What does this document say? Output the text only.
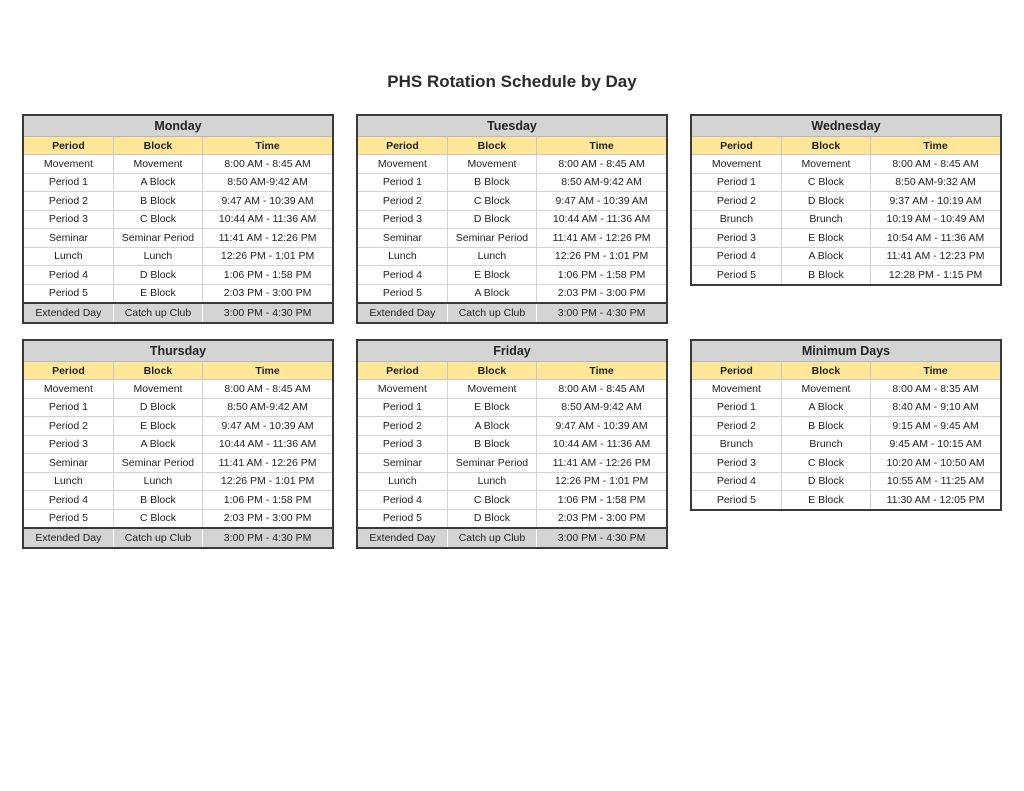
PHS Rotation Schedule by Day
Monday		
Period	Block	Time
Movement	Movement	8:00 AM - 8:45 AM
Period 1	A Block	8:50 AM-9:42 AM
Period 2	B Block	9:47 AM - 10:39 AM
Period 3	C Block	10:44 AM - 11:36 AM
Seminar	Seminar Period	11:41 AM - 12:26 PM
Lunch	Lunch	12:26 PM - 1:01 PM
Period 4	D Block	1:06 PM - 1:58 PM
Period 5	E Block	2:03 PM - 3:00 PM
Extended Day	Catch up Club	3:00 PM - 4:30 PM
Tuesday		
Period	Block	Time
Movement	Movement	8:00 AM - 8:45 AM
Period 1	B Block	8:50 AM-9:42 AM
Period 2	C Block	9:47 AM - 10:39 AM
Period 3	D Block	10:44 AM - 11:36 AM
Seminar	Seminar Period	11:41 AM - 12:26 PM
Lunch	Lunch	12:26 PM - 1:01 PM
Period 4	E Block	1:06 PM - 1:58 PM
Period 5	A Block	2:03 PM - 3:00 PM
Extended Day	Catch up Club	3:00 PM - 4:30 PM
Wednesday		
Period	Block	Time
Movement	Movement	8:00 AM - 8:45 AM
Period 1	C Block	8:50 AM-9:32 AM
Period 2	D Block	9:37 AM - 10:19 AM
Brunch	Brunch	10:19 AM - 10:49 AM
Period 3	E Block	10:54 AM - 11:36 AM
Period 4	A Block	11:41 AM - 12:23 PM
Period 5	B Block	12:28 PM - 1:15 PM
Thursday		
Period	Block	Time
Movement	Movement	8:00 AM - 8:45 AM
Period 1	D Block	8:50 AM-9:42 AM
Period 2	E Block	9:47 AM - 10:39 AM
Period 3	A Block	10:44 AM - 11:36 AM
Seminar	Seminar Period	11:41 AM - 12:26 PM
Lunch	Lunch	12:26 PM - 1:01 PM
Period 4	B Block	1:06 PM - 1:58 PM
Period 5	C Block	2:03 PM - 3:00 PM
Extended Day	Catch up Club	3:00 PM - 4:30 PM
Friday		
Period	Block	Time
Movement	Movement	8:00 AM - 8:45 AM
Period 1	E Block	8:50 AM-9:42 AM
Period 2	A Block	9:47 AM - 10:39 AM
Period 3	B Block	10:44 AM - 11:36 AM
Seminar	Seminar Period	11:41 AM - 12:26 PM
Lunch	Lunch	12:26 PM - 1:01 PM
Period 4	C Block	1:06 PM - 1:58 PM
Period 5	D Block	2:03 PM - 3:00 PM
Extended Day	Catch up Club	3:00 PM - 4:30 PM
Minimum Days		
Period	Block	Time
Movement	Movement	8:00 AM - 8:35 AM
Period 1	A Block	8:40 AM - 9:10 AM
Period 2	B Block	9:15 AM - 9:45 AM
Brunch	Brunch	9:45 AM - 10:15 AM
Period 3	C Block	10:20 AM - 10:50 AM
Period 4	D Block	10:55 AM - 11:25 AM
Period 5	E Block	11:30 AM - 12:05 PM
